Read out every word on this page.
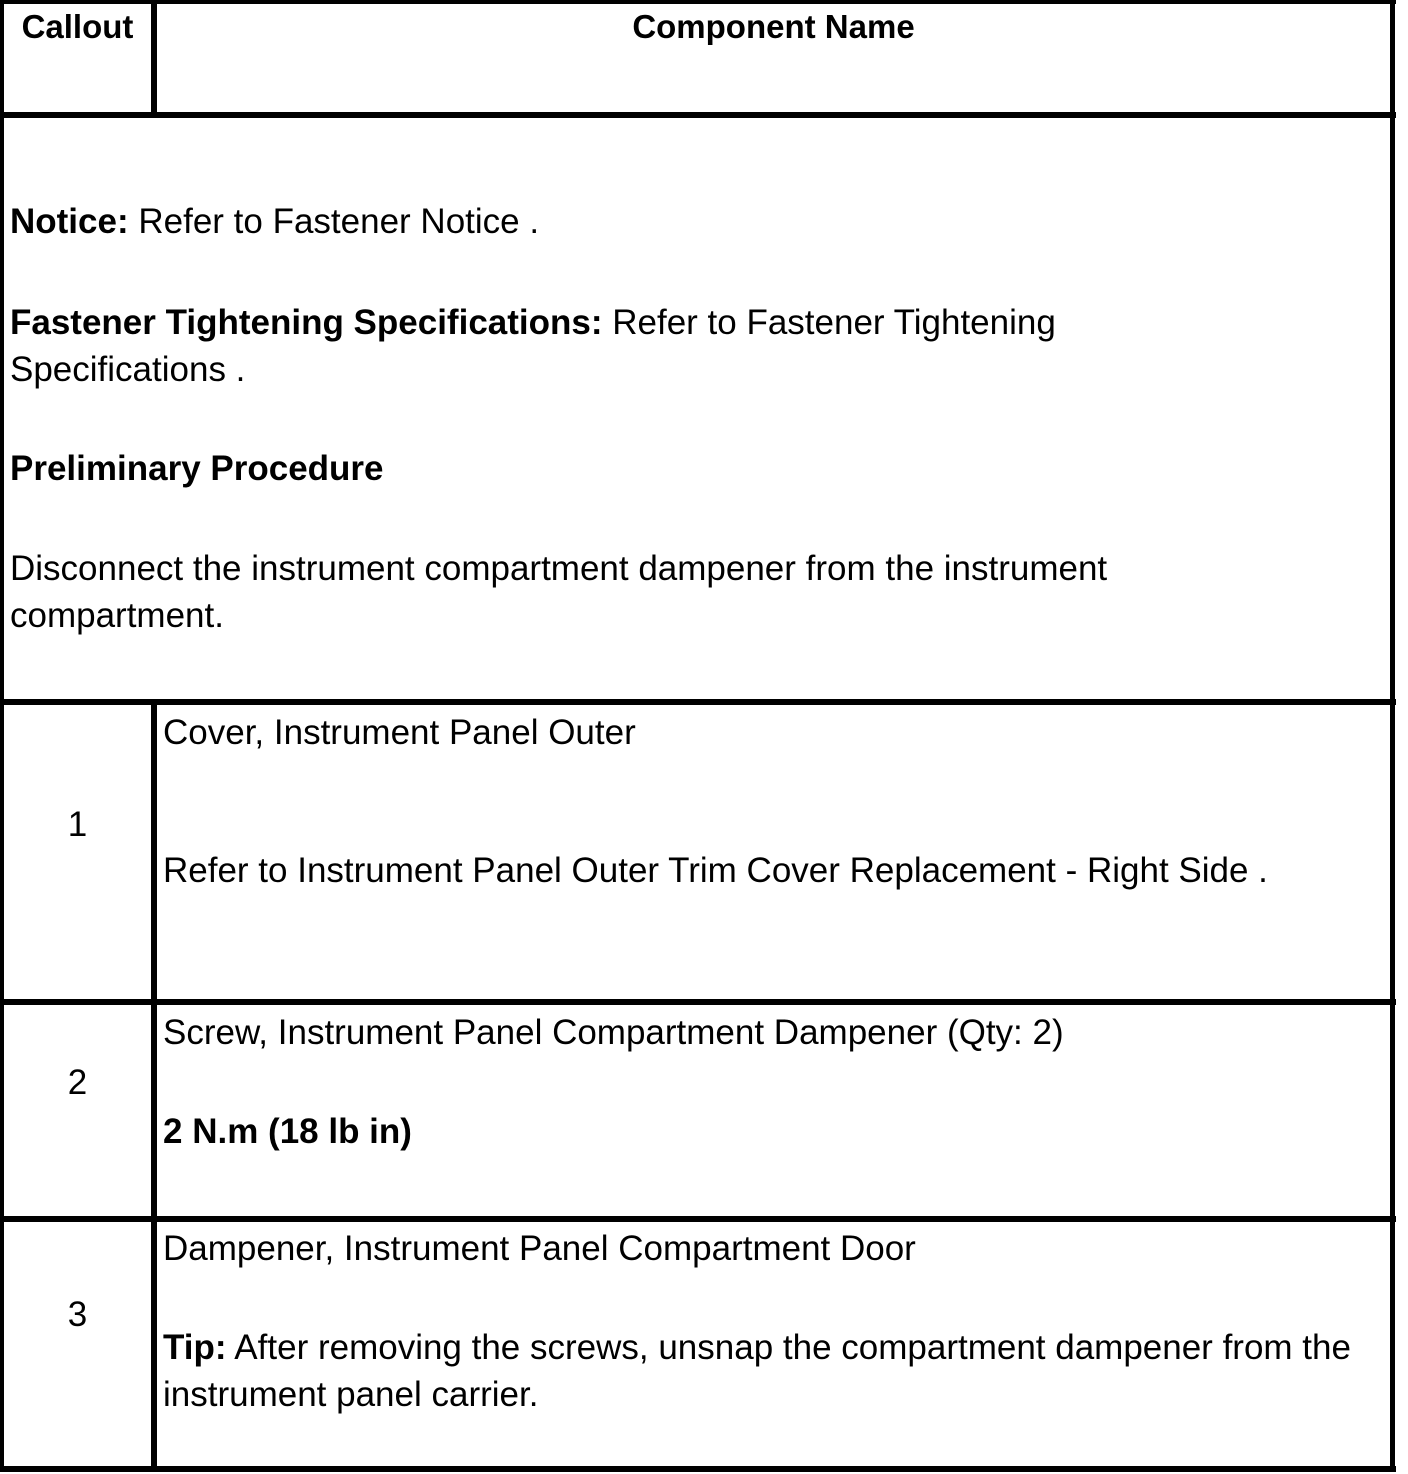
Callout	Component Name

Notice: Refer to Fastener Notice .

Fastener Tightening Specifications: Refer to Fastener Tightening Specifications .

Preliminary Procedure

Disconnect the instrument compartment dampener from the instrument compartment.

1

Cover, Instrument Panel Outer

Refer to Instrument Panel Outer Trim Cover Replacement - Right Side .

2

Screw, Instrument Panel Compartment Dampener (Qty: 2)

2 N.m (18 lb in)

3

Dampener, Instrument Panel Compartment Door

Tip: After removing the screws, unsnap the compartment dampener from the instrument panel carrier.
